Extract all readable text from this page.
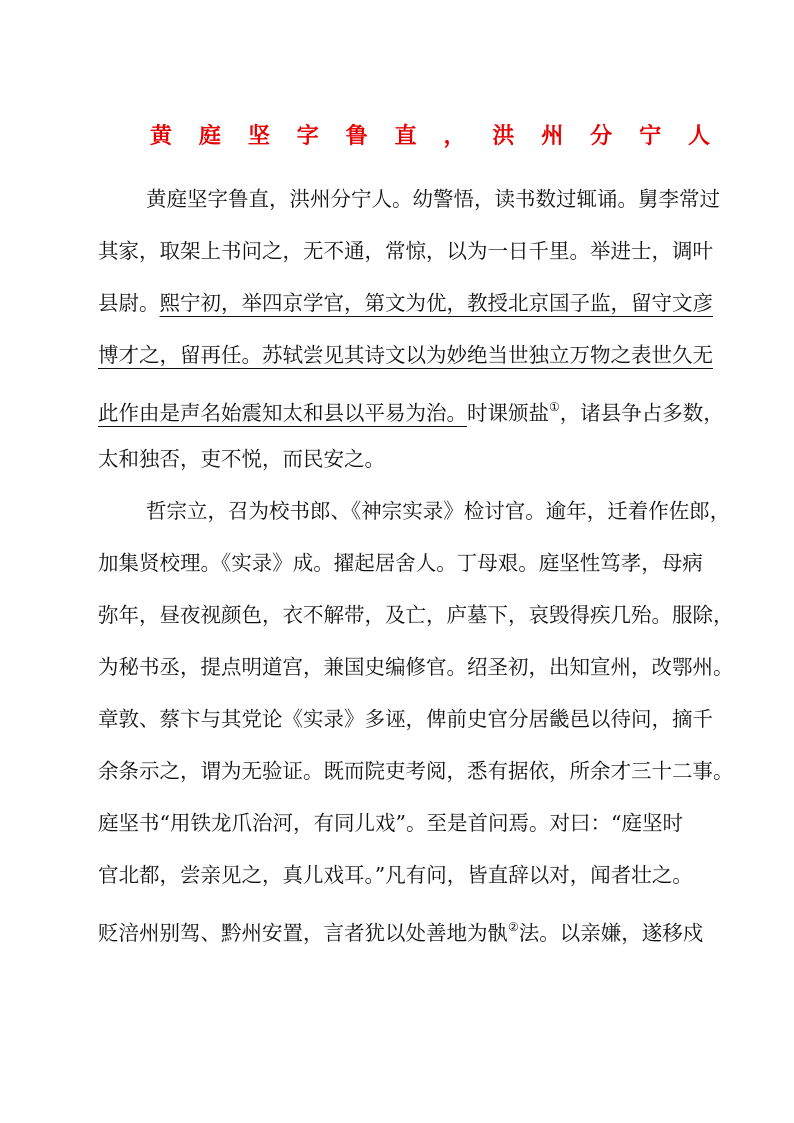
黄 庭 坚 字 鲁 直 ， 洪 州 分 宁 人
黄庭坚字鲁直，洪州分宁人。幼警悟，读书数过辄诵。舅李常过
其家，取架上书问之，无不通，常惊，以为一日千里。举进士，调叶
县尉。熙宁初，举四京学官，第文为优，教授北京国子监，留守文彦
博才之，留再任。苏轼尝见其诗文以为妙绝当世独立万物之表世久无
此作由是声名始震知太和县以平易为治。时课颁盐①，诸县争占多数，
太和独否，吏不悦，而民安之。
哲宗立，召为校书郎、《神宗实录》检讨官。逾年，迁着作佐郎，
加集贤校理。《实录》成。擢起居舍人。丁母艰。庭坚性笃孝，母病
弥年，昼夜视颜色，衣不解带，及亡，庐墓下，哀毁得疾几殆。服除，
为秘书丞，提点明道宫，兼国史编修官。绍圣初，出知宣州，改鄂州。
章敦、蔡卞与其党论《实录》多诬，俾前史官分居畿邑以待问，摘千
余条示之，谓为无验证。既而院吏考阅，悉有据依，所余才三十二事。
庭坚书“用铁龙爪治河，有同儿戏”。至是首问焉。对曰：“庭坚时
官北都，尝亲见之，真儿戏耳。”凡有问，皆直辞以对，闻者壮之。
贬涪州别驾、黔州安置，言者犹以处善地为骫②法。以亲嫌，遂移戍
